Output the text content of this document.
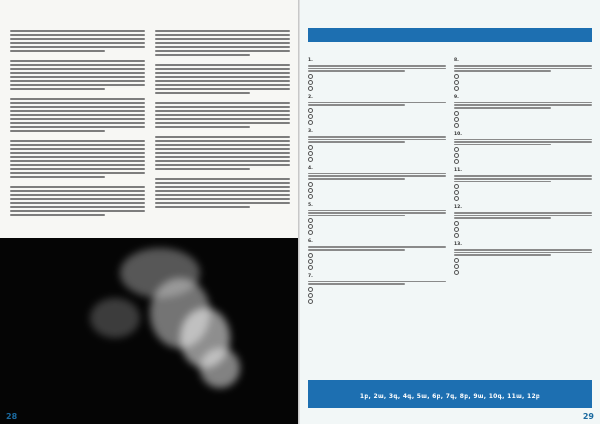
28
1.
2.
3.
4.
5.
6.
7.
8.
9.
10.
11.
12.
13.
1բ, 2ա, 3գ, 4գ, 5ա, 6բ, 7գ, 8բ, 9ա, 10գ, 11ա, 12բ
29
